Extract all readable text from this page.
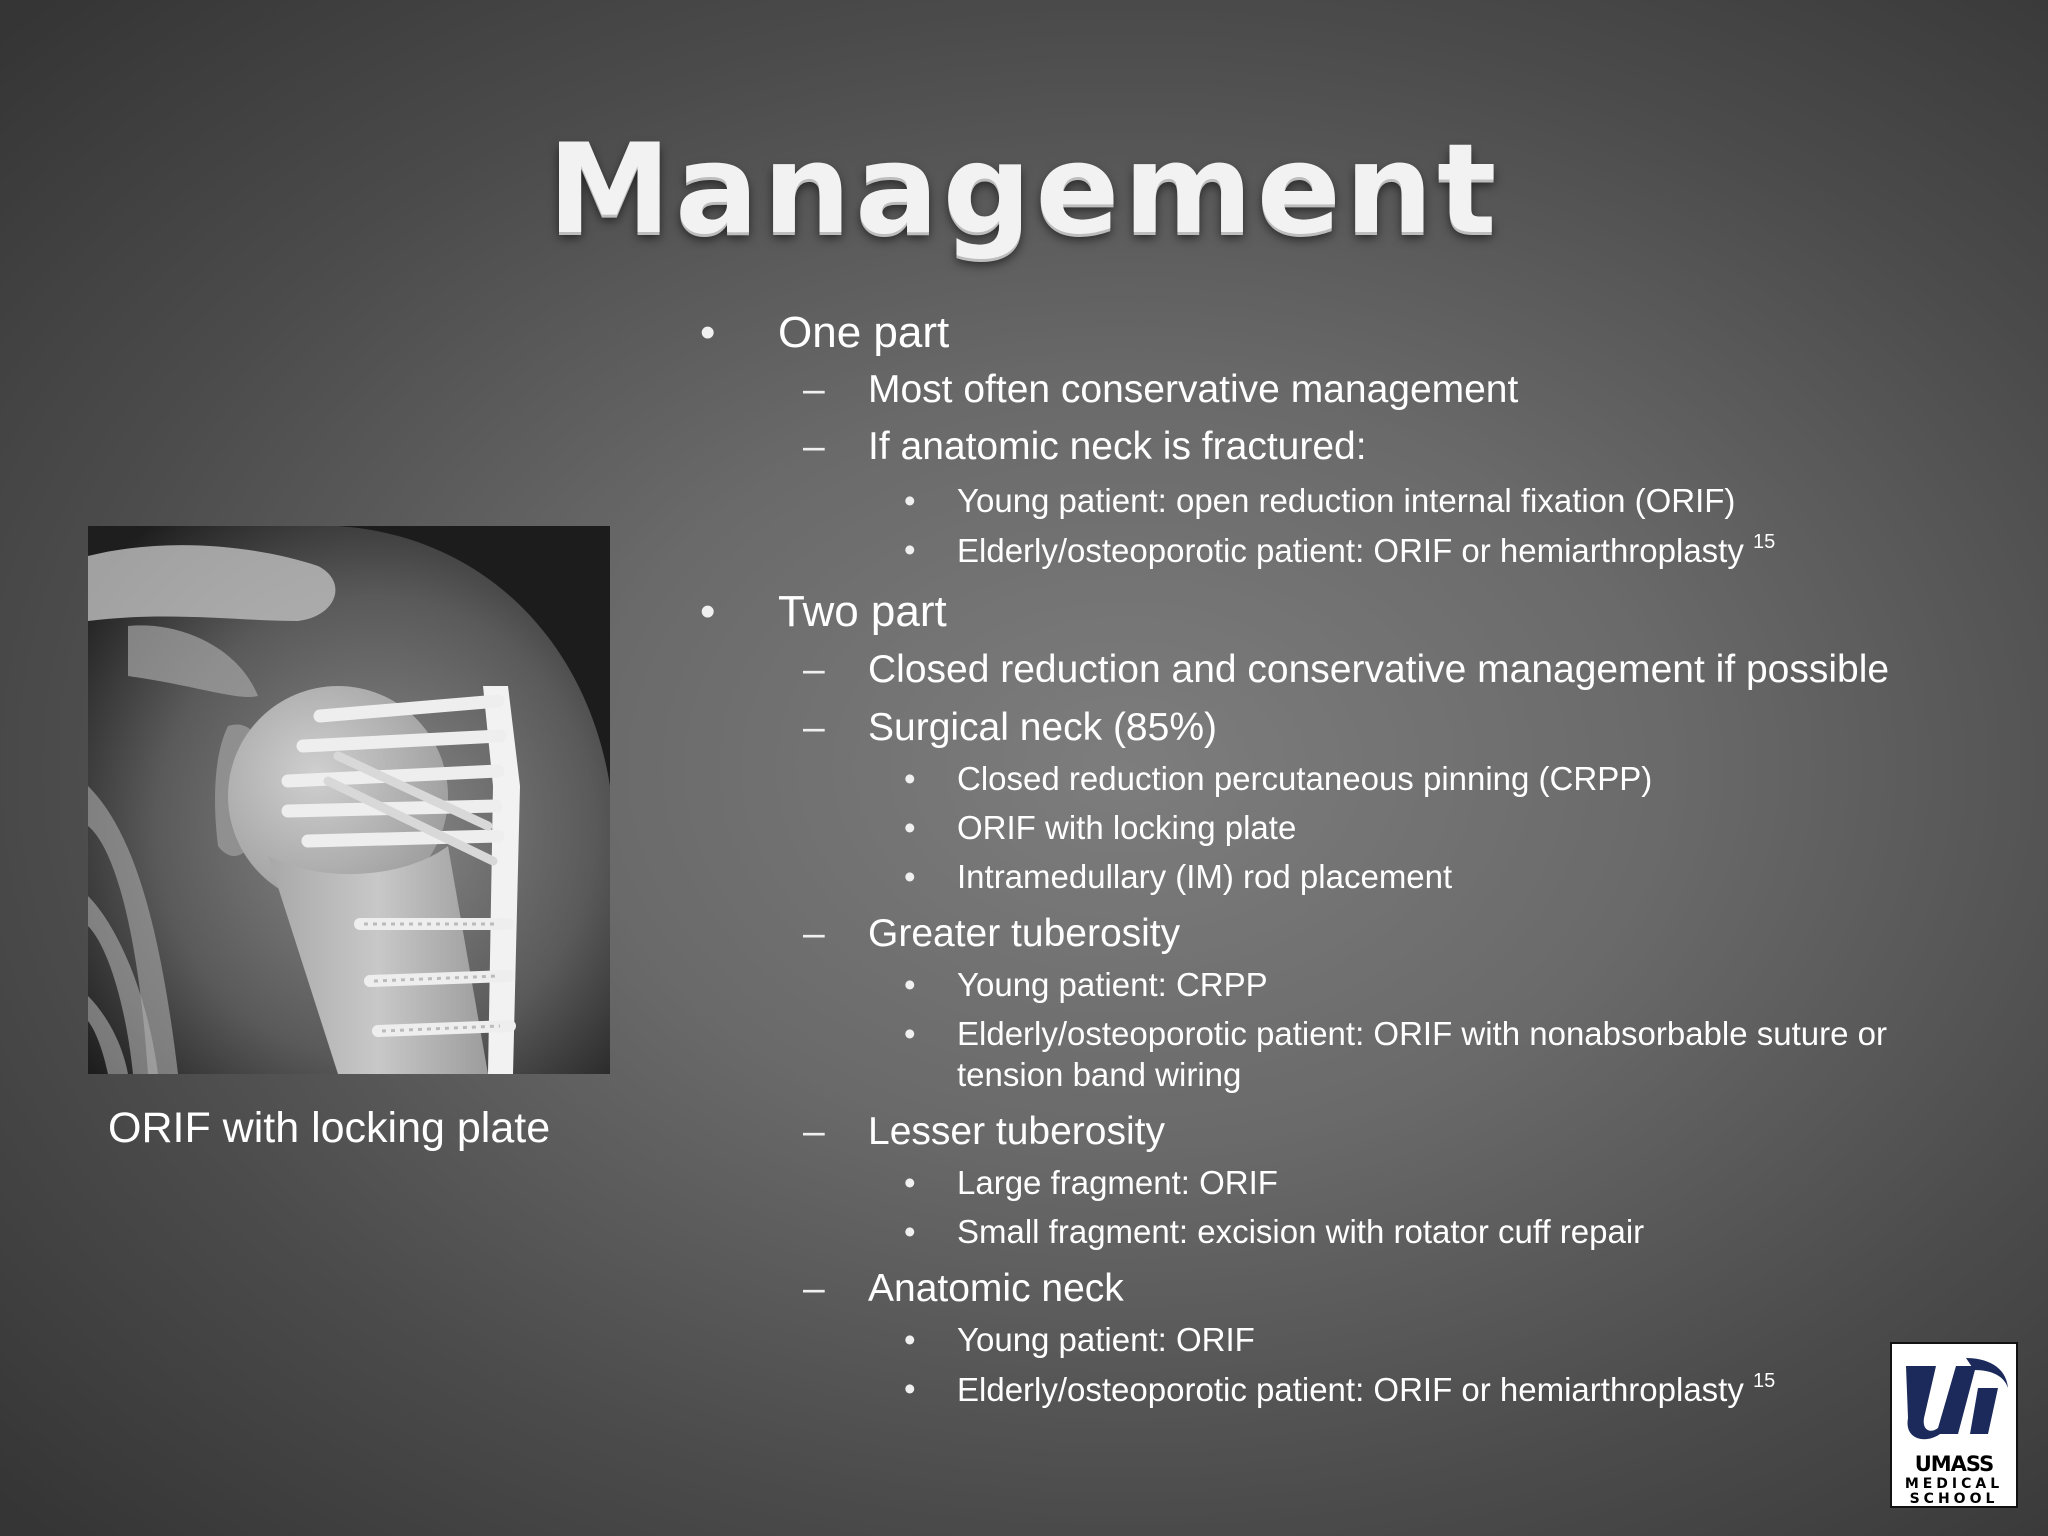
Management
ORIF with locking plate
One part
•
Most often conservative management
–
If anatomic neck is fractured:
–
Young patient: open reduction internal fixation (ORIF)
•
Elderly/osteoporotic patient: ORIF or hemiarthroplasty $^{15}$
•
Two part
•
Closed reduction and conservative management if possible
–
Surgical neck (85%)
–
Closed reduction percutaneous pinning (CRPP)
•
ORIF with locking plate
•
Intramedullary (IM) rod placement
•
Greater tuberosity
–
Young patient: CRPP
•
Elderly/osteoporotic patient: ORIF with nonabsorbable suture or
•
tension band wiring
Lesser tuberosity
–
Large fragment: ORIF
•
Small fragment: excision with rotator cuff repair
•
Anatomic neck
–
Young patient: ORIF
•
Elderly/osteoporotic patient: ORIF or hemiarthroplasty $^{15}$
•
UMASS
MEDICAL
SCHOOL
